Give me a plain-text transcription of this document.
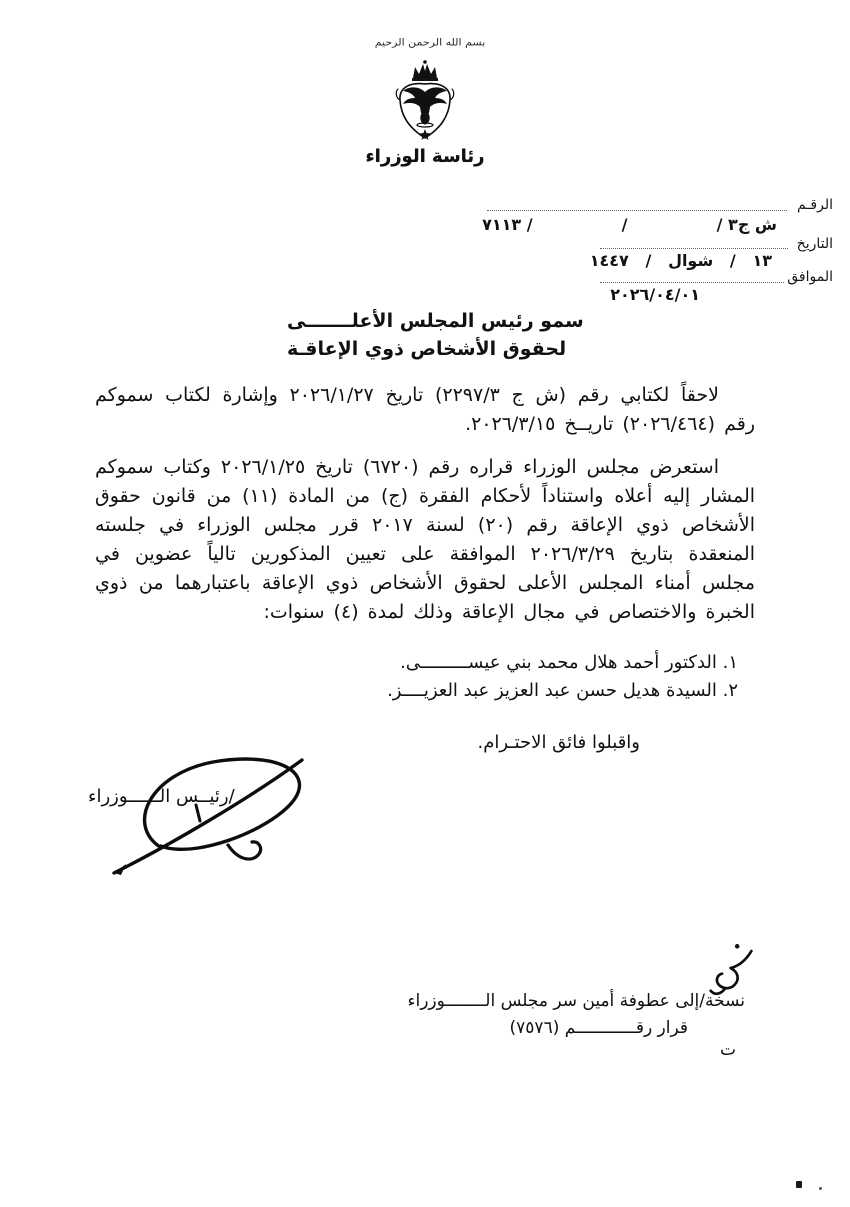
بسم الله الرحمن الرحيم
رئاسة الوزراء
الرقـم
التاريخ
الموافق
ش ج٣ /                /                / ٧١١٣
١٣   /   شوال   /   ١٤٤٧
٢٠٢٦/٠٤/٠١
سمو رئيس المجلس الأعلـــــــى
لحقوق الأشخاص ذوي الإعاقـة
لاحقاً لكتابي رقم (ش ج ٢٢٩٧/٣) تاريخ ٢٠٢٦/١/٢٧ وإشارة لكتاب سموكم رقم (٢٠٢٦/٤٦٤) تاريــخ ٢٠٢٦/٣/١٥.
استعرض مجلس الوزراء قراره رقم (٦٧٢٠) تاريخ ٢٠٢٦/١/٢٥ وكتاب سموكم المشار إليه أعلاه واستناداً لأحكام الفقرة (ج) من المادة (١١) من قانون حقوق الأشخاص ذوي الإعاقة رقم (٢٠) لسنة ٢٠١٧ قرر مجلس الوزراء في جلسته المنعقدة بتاريخ ٢٠٢٦/٣/٢٩ الموافقة على تعيين المذكورين تالياً عضوين في مجلس أمناء المجلس الأعلى لحقوق الأشخاص ذوي الإعاقة باعتبارهما من ذوي الخبرة والاختصاص في مجال الإعاقة وذلك لمدة (٤) سنوات:
١. الدكتور أحمد هلال محمد بني عيســـــــــى.
٢. السيدة هديل حسن عبد العزيز عبد العزيــــز.
واقبلوا فائق الاحتـرام.
/رئيــس الــــــوزراء
نسخة/إلى عطوفة أمين سر مجلس الــــــــوزراء
قرار رقــــــــــــم (٧٥٧٦)
ت
